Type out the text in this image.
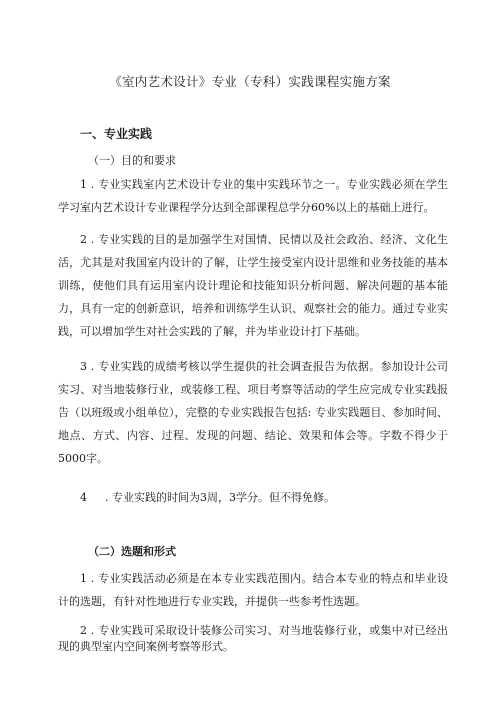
《室内艺术设计》专业（专科）实践课程实施方案
一、专业实践
（一）目的和要求

1 . 专业实践室内艺术设计专业的集中实践环节之一。专业实践必须在学生学习室内艺术设计专业课程学分达到全部课程总学分60%以上的基础上进行。

2 . 专业实践的目的是加强学生对国情、民情以及社会政治、经济、文化生活，尤其是对我国室内设计的了解，让学生接受室内设计思维和业务技能的基本训练，使他们具有运用室内设计理论和技能知识分析问题、解决问题的基本能力，具有一定的创新意识，培养和训练学生认识、观察社会的能力。通过专业实践，可以增加学生对社会实践的了解，并为毕业设计打下基础。

3 . 专业实践的成绩考核以学生提供的社会调查报告为依据。参加设计公司实习、对当地装修行业，或装修工程、项目考察等活动的学生应完成专业实践报告（以班级或小组单位），完整的专业实践报告包括: 专业实践题目、参加时间、地点、方式、内容、过程、发现的问题、结论、效果和体会等。字数不得少于5000字。

4 　 . 专业实践的时间为3周，3学分。但不得免修。

（二）选题和形式

1 . 专业实践活动必须是在本专业实践范围内。结合本专业的特点和毕业设计的选题，有针对性地进行专业实践，并提供一些参考性选题。

2 . 专业实践可采取设计装修公司实习、对当地装修行业，或集中对已经出现的典型室内空间案例考察等形式。
